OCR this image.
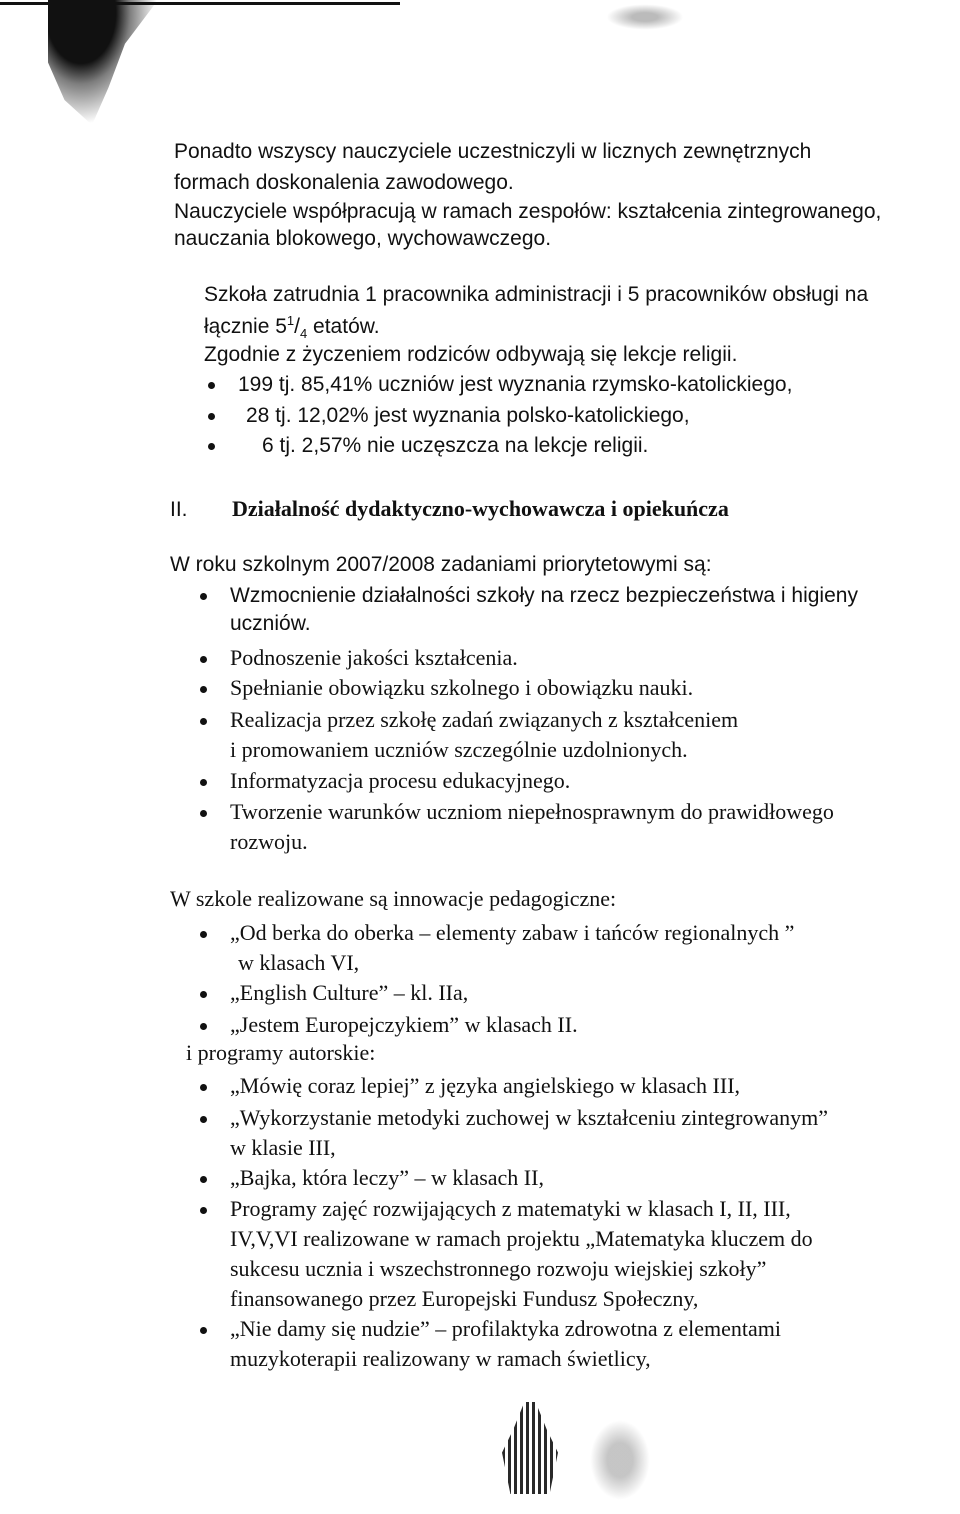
Ponadto wszyscy nauczyciele uczestniczyli w licznych zewnętrznych
formach doskonalenia zawodowego.
Nauczyciele współpracują w ramach zespołów: kształcenia zintegrowanego,
nauczania blokowego, wychowawczego.
Szkoła zatrudnia 1 pracownika administracji i 5 pracowników obsługi na
łącznie $5^1/_4$ etatów.
Zgodnie z życzeniem rodziców odbywają się lekcje religii.
199 tj. 85,41% uczniów jest wyznania rzymsko-katolickiego,
28 tj. 12,02% jest wyznania polsko-katolickiego,
6 tj. 2,57% nie uczęszcza na lekcje religii.
II. Działalność dydaktyczno-wychowawcza i opiekuńcza
W roku szkolnym 2007/2008 zadaniami priorytetowymi są:
Wzmocnienie działalności szkoły na rzecz bezpieczeństwa i higieny
uczniów.
Podnoszenie jakości kształcenia.
Spełnianie obowiązku szkolnego i obowiązku nauki.
Realizacja przez szkołę zadań związanych z kształceniem
i promowaniem uczniów szczególnie uzdolnionych.
Informatyzacja procesu edukacyjnego.
Tworzenie warunków uczniom niepełnosprawnym do prawidłowego
rozwoju.
W szkole realizowane są innowacje pedagogiczne:
„Od berka do oberka – elementy zabaw i tańców regionalnych ”
w klasach VI,
„English Culture” – kl. IIa,
„Jestem Europejczykiem” w klasach II.
i programy autorskie:
„Mówię coraz lepiej” z języka angielskiego w klasach III,
„Wykorzystanie metodyki zuchowej w kształceniu zintegrowanym”
w klasie III,
„Bajka, która leczy” – w klasach II,
Programy zajęć rozwijających z matematyki w klasach I, II, III,
IV,V,VI realizowane w ramach projektu „Matematyka kluczem do
sukcesu ucznia i wszechstronnego rozwoju wiejskiej szkoły”
finansowanego przez Europejski Fundusz Społeczny,
„Nie damy się nudzie” – profilaktyka zdrowotna z elementami
muzykoterapii realizowany w ramach świetlicy,
